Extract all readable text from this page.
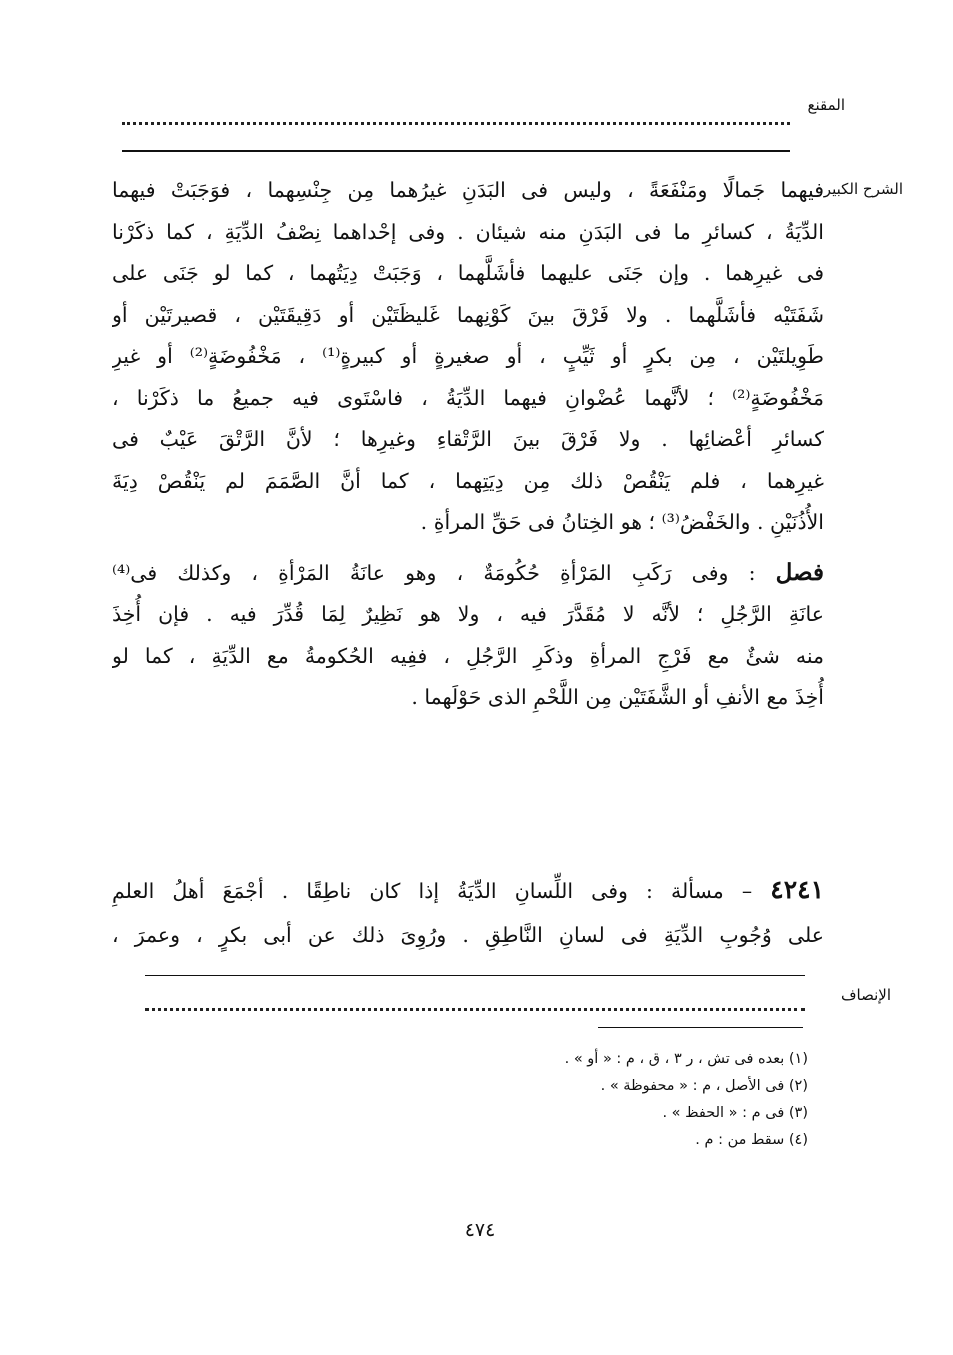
المقنع
الشرح الكبير
فيهما جَمالًا ومَنْفَعَةً ، وليس فى البَدَنِ غيرُهما مِن جِنْسِهما ، فوَجَبَتْ فيهما
الدِّيَةُ ، كسائرِ ما فى البَدَنِ منه شيئان . وفى إحْداهما نِصْفُ الدِّيَةِ ، كما ذكَرْنا
فى غيرِهما . وإن جَنَى عليهما فأشَلَّهما ، وَجَبَتْ دِيَتُهما ، كما لو جَنَى على
شَفَتَيْه فأشَلَّهما . ولا فَرْقَ بينَ كَوْنِهما غَليظَتَيْن أو دَقِيقَتَيْن ، قصيرتَيْن أو
طَوِيلتَيْن ، مِن بكرٍ أو ثَيِّبٍ ، أو صغيرةٍ أو كبيرةٍ⁽¹⁾ ، مَخْفُوضَةٍ⁽²⁾ أو غيرِ
مَخْفُوضَةٍ⁽²⁾ ؛ لأنَّهما عُضْوانِ فيهما الدِّيَةُ ، فاسْتَوى فيه جميعُ ما ذكَرْنا ،
كسائرِ أعْضائِها . ولا فَرْقَ بينَ الرَّتْقاءِ وغيرِها ؛ لأنَّ الرَّتْقَ عَيْبٌ فى
غيرِهما ، فلم يَنْقُصْ ذلك مِن دِيَتِهما ، كما أنَّ الصَّمَمَ لم يَنْقُصْ دِيَةَ
الأُذُنَيْنِ . والخَفْضُ⁽³⁾ ؛ هو الخِتانُ فى حَقِّ المرأةِ .
فصل : وفى رَكَبِ المَرْأةِ حُكُومَةٌ ، وهو عانَةُ المَرْأةِ ، وكذلك فى⁽⁴⁾
عانَةِ الرَّجُلِ ؛ لأنَّه لا مُقَدَّرَ فيه ، ولا هو نَظِيرٌ لِمَا قُدِّرَ فيه . فإن أُخِذَ
منه شئٌ مع فَرْجِ المرأةِ وذكَرِ الرَّجُلِ ، ففِيه الحُكومةُ مع الدِّيَةِ ، كما لو
أُخِذَ مع الأنفِ أو الشَّفَتَيْن مِن اللَّحْمِ الذى حَوْلَهما .
٤٢٤١ – مسألة : وفى اللِّسانِ الدِّيَةُ إذا كان ناطِقًا . أجْمَعَ أهلُ العلمِ
على وُجُوبِ الدِّيَةِ فى لسانِ النَّاطِقِ . ورُوِىَ ذلك عن أبى بكرٍ ، وعمرَ ،
الإنصاف
(١) بعده فى تش ، ر ٣ ، ق ، م : « أو » .
(٢) فى الأصل ، م : « محفوظة » .
(٣) فى م : « الحفظ » .
(٤) سقط من : م .
٤٧٤
